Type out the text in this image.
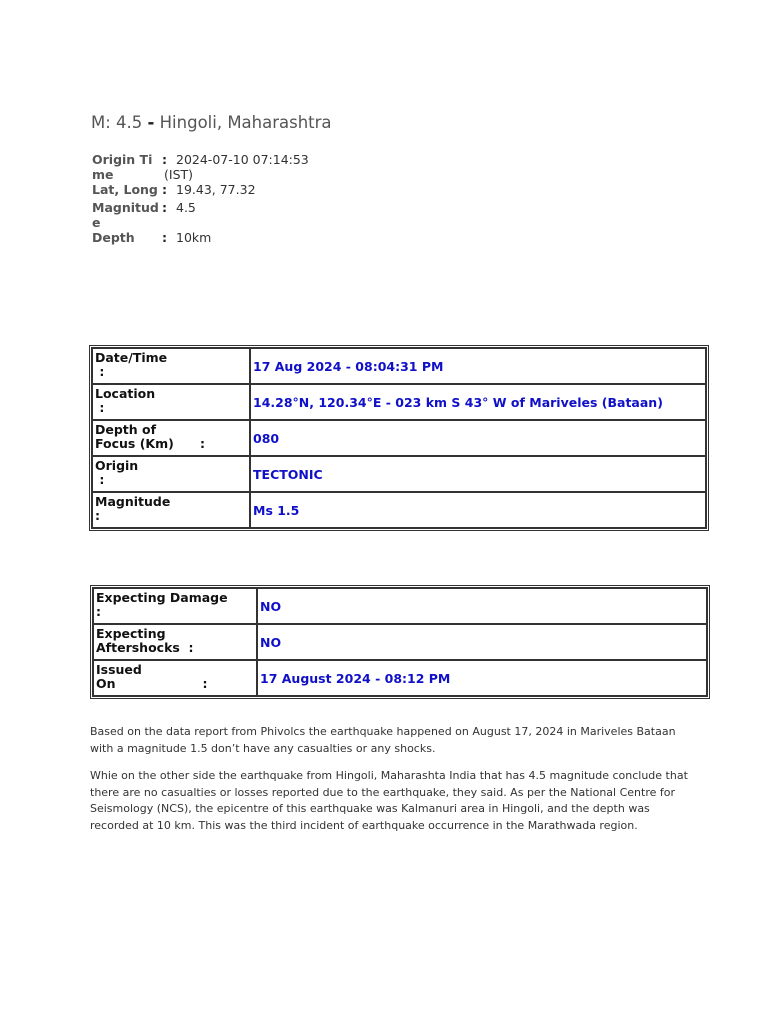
M: 4.5 - Hingoli, Maharashtra
Origin Time	:	2024-07-10 07:14:53
(IST)

Lat, Long	:	19.43, 77.32
Magnitude	:	4.5
Depth	:	10km
Date/Time
:	17 Aug 2024 - 08:04:31 PM

Location
:	14.28°N, 120.34°E - 023 km S 43° W of Mariveles (Bataan)

Depth of
Focus (Km)      :	080

Origin
:	TECTONIC

Magnitude
:	Ms 1.5
Expecting Damage
:	NO

Expecting
Aftershocks  :	NO

Issued
On                    :	17 August 2024 - 08:12 PM

Based on the data report from Phivolcs the earthquake happened on August 17, 2024 in Mariveles Bataan with a magnitude 1.5 don’t have any casualties or any shocks.

Whie on the other side the earthquake from Hingoli, Maharashta India that has 4.5 magnitude conclude that there are no casualties or losses reported due to the earthquake, they said. As per the National Centre for Seismology (NCS), the epicentre of this earthquake was Kalmanuri area in Hingoli, and the depth was recorded at 10 km. This was the third incident of earthquake occurrence in the Marathwada region.
